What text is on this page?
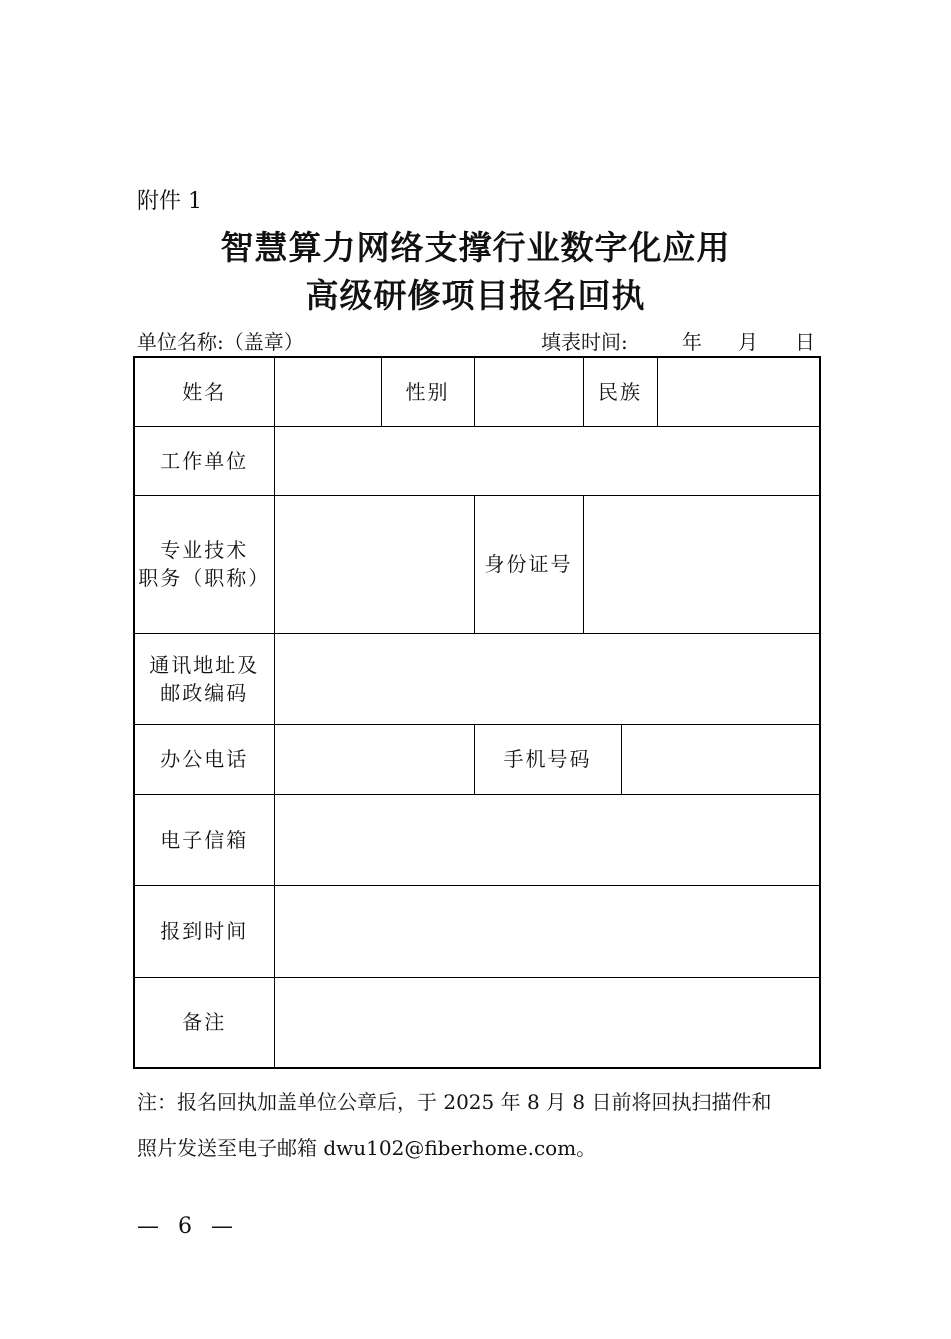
附件 1
智慧算力网络支撑行业数字化应用
高级研修项目报名回执
单位名称:（盖章）	填表时间:	年 月 日
姓名		性别		民族		
工作单位						

专业技术
职务（职称）			身份证号			

通讯地址及
邮政编码						

办公电话			手机号码			
电子信箱						
报到时间						
备注						
注：报名回执加盖单位公章后，于 2025 年 8 月 8 日前将回执扫描件和
照片发送至电子邮箱 dwu102@fiberhome.com。
— 6 —
